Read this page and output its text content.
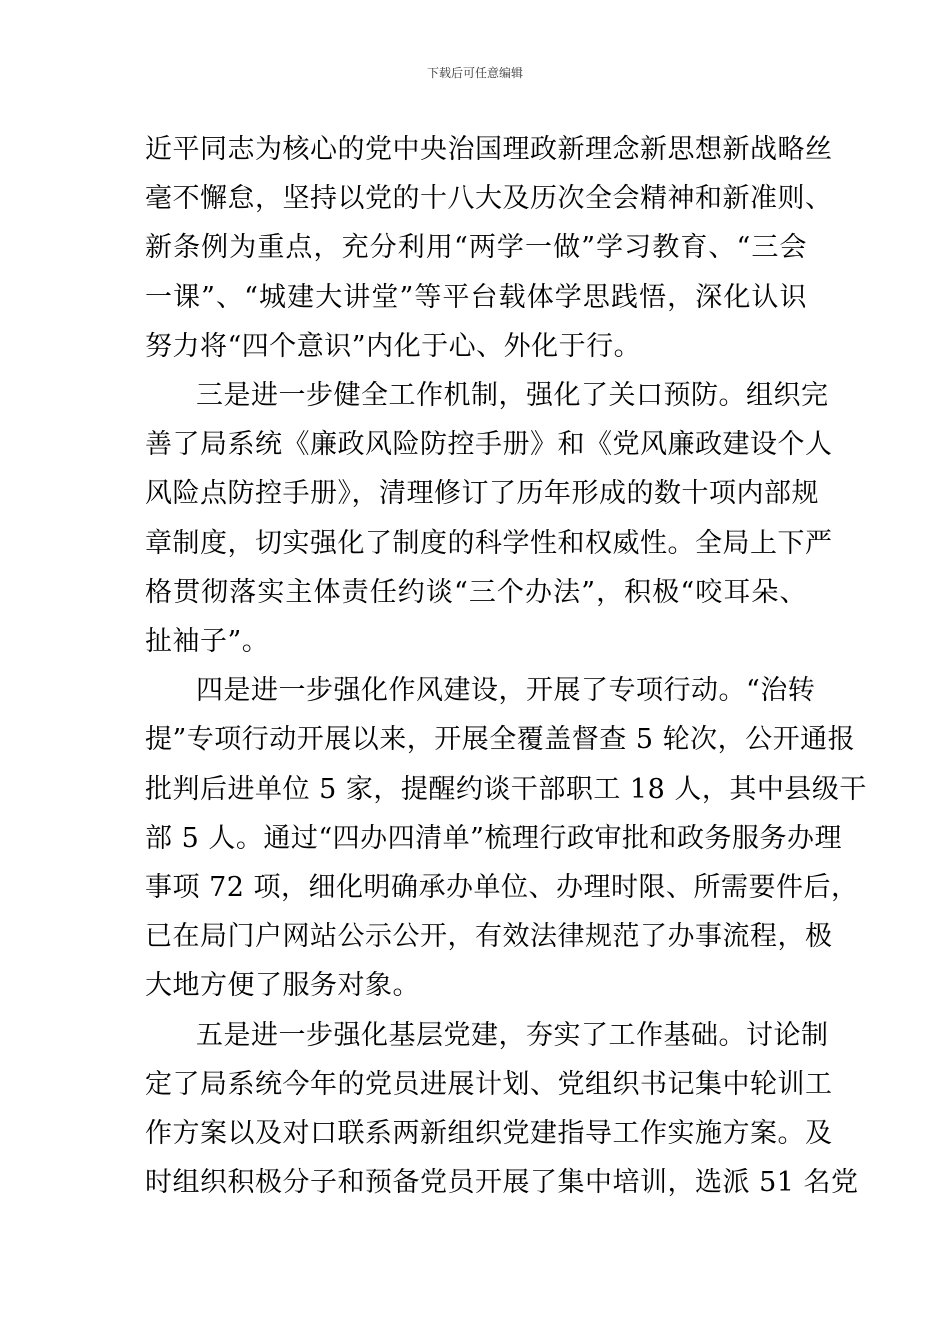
下载后可任意编辑
近平同志为核心的党中央治国理政新理念新思想新战略丝
毫不懈怠，坚持以党的十八大及历次全会精神和新准则、
新条例为重点，充分利用“两学一做”学习教育、“三会
一课”、“城建大讲堂”等平台载体学思践悟，深化认识
努力将“四个意识”内化于心、外化于行。
三是进一步健全工作机制，强化了关口预防。组织完
善了局系统《廉政风险防控手册》和《党风廉政建设个人
风险点防控手册》，清理修订了历年形成的数十项内部规
章制度，切实强化了制度的科学性和权威性。全局上下严
格贯彻落实主体责任约谈“三个办法”，积极“咬耳朵、
扯袖子”。
四是进一步强化作风建设，开展了专项行动。“治转
提”专项行动开展以来，开展全覆盖督查 5 轮次，公开通报
批判后进单位 5 家，提醒约谈干部职工 18 人，其中县级干
部 5 人。通过“四办四清单”梳理行政审批和政务服务办理
事项 72 项，细化明确承办单位、办理时限、所需要件后，
已在局门户网站公示公开，有效法律规范了办事流程，极
大地方便了服务对象。
五是进一步强化基层党建，夯实了工作基础。讨论制
定了局系统今年的党员进展计划、党组织书记集中轮训工
作方案以及对口联系两新组织党建指导工作实施方案。及
时组织积极分子和预备党员开展了集中培训，选派 51 名党
